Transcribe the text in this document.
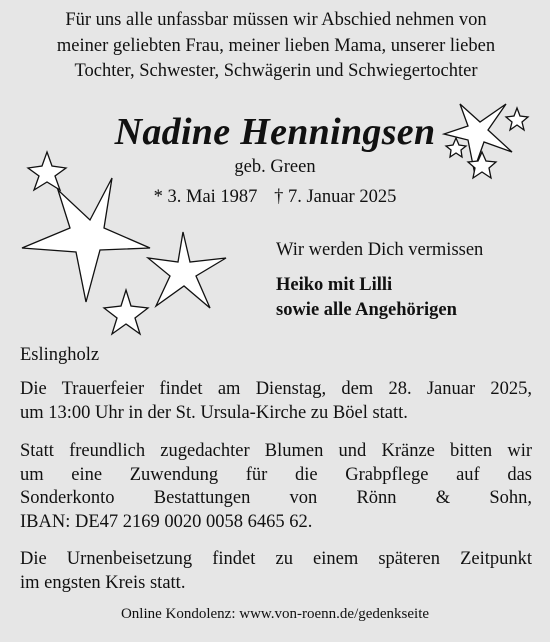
Für uns alle unfassbar müssen wir Abschied nehmen von
meiner geliebten Frau, meiner lieben Mama, unserer lieben
Tochter, Schwester, Schwägerin und Schwiegertochter
Nadine Henningsen
geb. Green
* 3. Mai 1987 † 7. Januar 2025
Wir werden Dich vermissen
Heiko mit Lilli
sowie alle Angehörigen
Eslingholz
Die Trauerfeier findet am Dienstag, dem 28. Januar 2025,
um 13:00 Uhr in der St. Ursula-Kirche zu Böel statt.
Statt freundlich zugedachter Blumen und Kränze bitten wir
um eine Zuwendung für die Grabpflege auf das
Sonderkonto Bestattungen von Rönn & Sohn,
IBAN: DE47 2169 0020 0058 6465 62.
Die Urnenbeisetzung findet zu einem späteren Zeitpunkt
im engsten Kreis statt.
Online Kondolenz: www.von-roenn.de/gedenkseite
